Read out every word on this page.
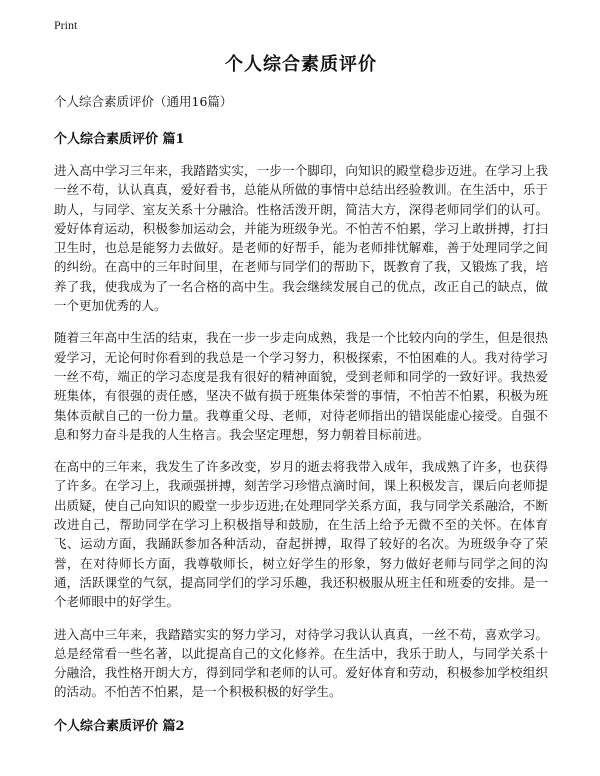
Print
个人综合素质评价

个人综合素质评价（通用16篇）

个人综合素质评价 篇1

进入高中学习三年来，我踏踏实实，一步一个脚印，向知识的殿堂稳步迈进。在学习上我一丝不苟，认认真真，爱好看书，总能从所做的事情中总结出经验教训。在生活中，乐于助人，与同学、室友关系十分融洽。性格活泼开朗，简洁大方，深得老师同学们的认可。爱好体育运动，积极参加运动会，并能为班级争光。不怕苦不怕累，学习上敢拼搏，打扫卫生时，也总是能努力去做好。是老师的好帮手，能为老师排忧解难，善于处理同学之间的纠纷。在高中的三年时间里，在老师与同学们的帮助下，既教育了我，又锻炼了我，培养了我，使我成为了一名合格的高中生。我会继续发展自己的优点，改正自己的缺点，做一个更加优秀的人。

随着三年高中生活的结束，我在一步一步走向成熟，我是一个比较内向的学生，但是很热爱学习，无论何时你看到的我总是一个学习努力，积极探索，不怕困难的人。我对待学习一丝不苟，端正的学习态度是我有很好的精神面貌，受到老师和同学的一致好评。我热爱班集体，有很强的责任感，坚决不做有损于班集体荣誉的事情，不怕苦不怕累，积极为班集体贡献自己的一份力量。我尊重父母、老师，对待老师指出的错误能虚心接受。自强不息和努力奋斗是我的人生格言。我会坚定理想，努力朝着目标前进。

在高中的三年来，我发生了许多改变，岁月的逝去将我带入成年，我成熟了许多，也获得了许多。在学习上，我顽强拼搏，刻苦学习珍惜点滴时间，课上积极发言，课后向老师提出质疑，使自己向知识的殿堂一步步迈进;在处理同学关系方面，我与同学关系融洽，不断改进自己，帮助同学在学习上积极指导和鼓励，在生活上给予无微不至的关怀。在体育飞、运动方面，我踊跃参加各种活动，奋起拼搏，取得了较好的名次。为班级争夺了荣誉，在对待师长方面，我尊敬师长，树立好学生的形象，努力做好老师与同学之间的沟通，活跃课堂的气氛，提高同学们的学习乐趣，我还积极服从班主任和班委的安排。是一个老师眼中的好学生。

进入高中三年来，我踏踏实实的努力学习，对待学习我认认真真，一丝不苟，喜欢学习。总是经常看一些名著，以此提高自己的文化修养。在生活中，我乐于助人，与同学关系十分融洽，我性格开朗大方，得到同学和老师的认可。爱好体育和劳动，积极参加学校组织的活动。不怕苦不怕累，是一个积极积极的好学生。

个人综合素质评价 篇2
